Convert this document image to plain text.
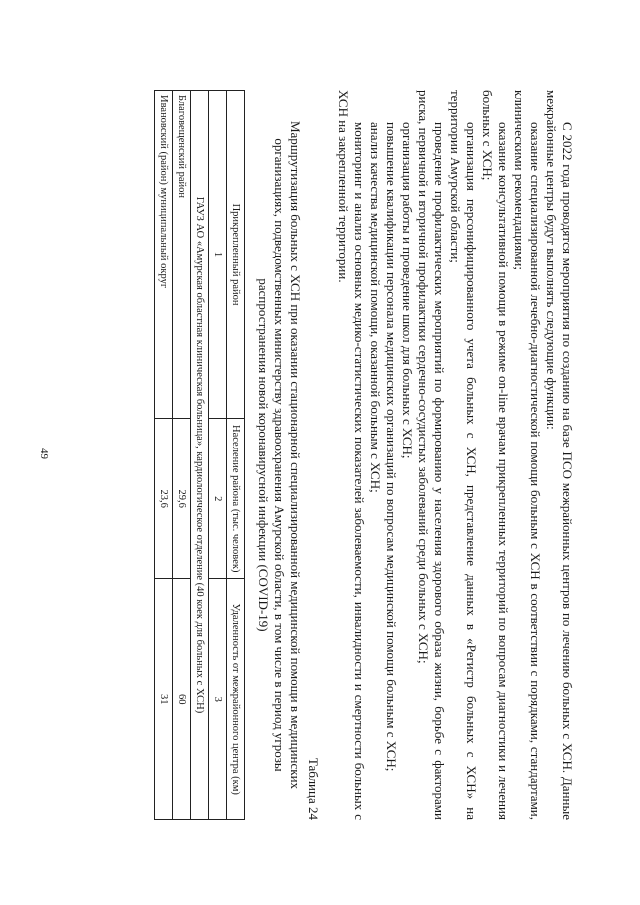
49	С 2022 года проводятся мероприятия по созданию на базе ПСО межрайонных центров по лечению больных с ХСН. Данные межрайонные центры будут выполнять следующие функции:
оказание специализированной лечебно-диагностической помощи больным с ХСН в соответствии с порядками, стандартами, клиническими рекомендациями;
оказание консультативной помощи в режиме on-line врачам прикрепленных территорий по вопросам диагностики и лечения больных с ХСН;
организация персонифицированного учета больных с ХСН, представление данных в «Регистр больных с ХСН» на территории Амурской области;
проведение профилактических мероприятий по формированию у населения здорового образа жизни, борьбе с факторами риска, первичной и вторичной профилактики сердечно-сосудистых заболеваний среди больных с ХСН;
организация работы и проведение школ для больных с ХСН;
повышение квалификации персонала медицинских организаций по вопросам медицинской помощи больным с ХСН;
анализ качества медицинской помощи, оказанной больным с ХСН;
мониторинг и анализ основных медико-статистических показателей заболеваемости, инвалидности и смертности больных с ХСН на закрепленной территории.
Таблица 24
Маршрутизация больных с ХСН при оказании стационарной специализированной медицинской помощи в медицинских организациях, подведомственных министерству здравоохранения Амурской области, в том числе в период угрозы распространения новой коронавирусной инфекции (COVID-19)
Прикрепленный район	Население района (тыс. человек)	Удаленность от межрайонного центра (км)
1	2	3
ГАУЗ АО «Амурская областная клиническая больница», кардиологическое отделение (40 коек для больных с ХСН)		
Благовещенский район	29,6	60
Ивановский (район) муниципальный округ	23,6	31
